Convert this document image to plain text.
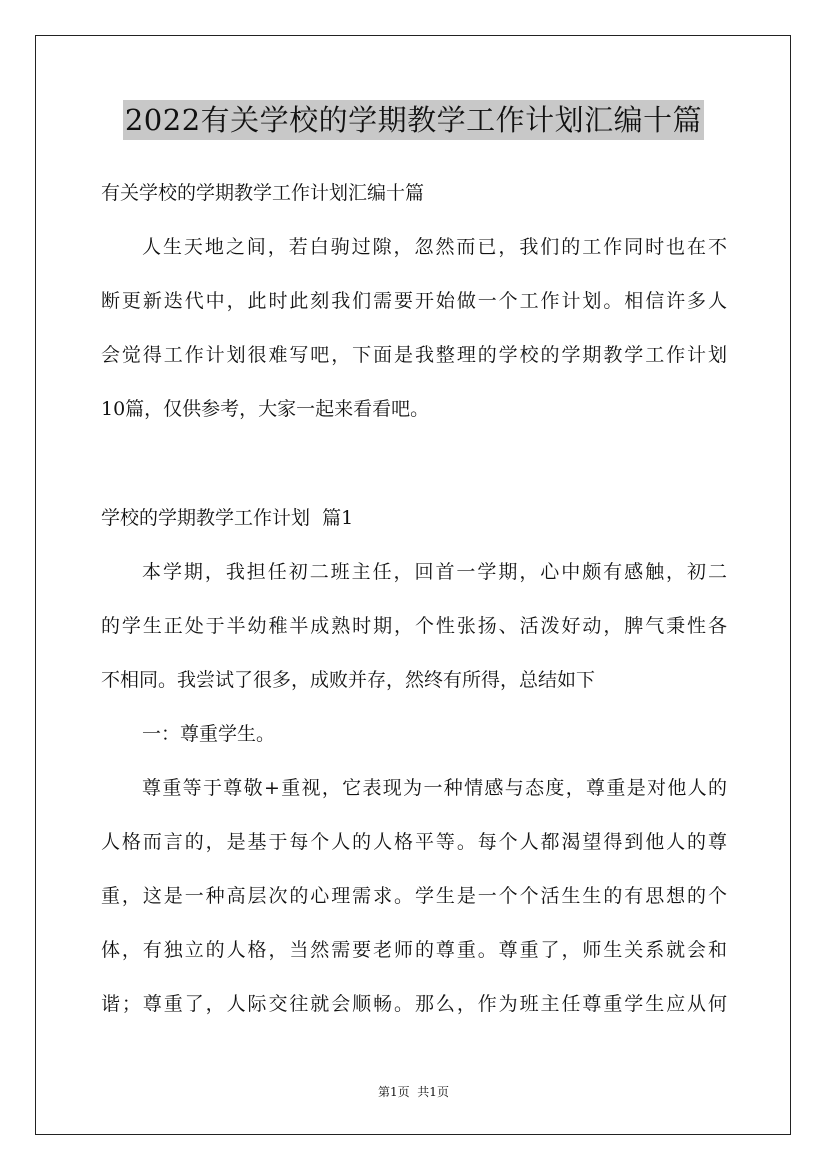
2022有关学校的学期教学工作计划汇编十篇
有关学校的学期教学工作计划汇编十篇
人生天地之间，若白驹过隙，忽然而已，我们的工作同时也在不
断更新迭代中，此时此刻我们需要开始做一个工作计划。相信许多人
会觉得工作计划很难写吧，下面是我整理的学校的学期教学工作计划
10篇，仅供参考，大家一起来看看吧。
学校的学期教学工作计划  篇1
本学期，我担任初二班主任，回首一学期，心中颇有感触，初二
的学生正处于半幼稚半成熟时期，个性张扬、活泼好动，脾气秉性各
不相同。我尝试了很多，成败并存，然终有所得，总结如下
一：尊重学生。
尊重等于尊敬+重视，它表现为一种情感与态度，尊重是对他人的
人格而言的，是基于每个人的人格平等。每个人都渴望得到他人的尊
重，这是一种高层次的心理需求。学生是一个个活生生的有思想的个
体，有独立的人格，当然需要老师的尊重。尊重了，师生关系就会和
谐；尊重了，人际交往就会顺畅。那么，作为班主任尊重学生应从何
第1页  共1页
